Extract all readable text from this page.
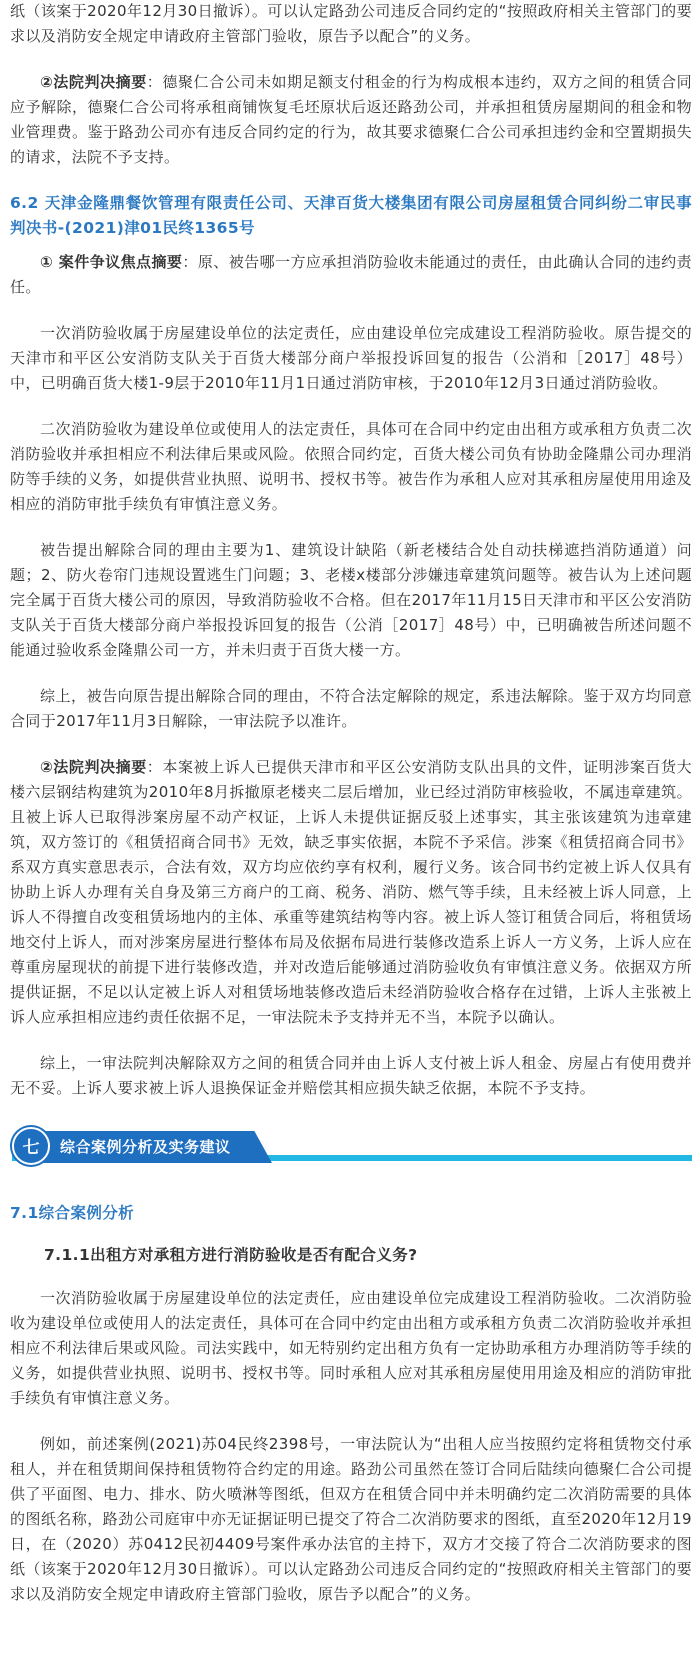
纸（该案于2020年12月30日撤诉）。可以认定路劲公司违反合同约定的“按照政府相关主管部门的要求以及消防安全规定申请政府主管部门验收，原告予以配合”的义务。

②法院判决摘要：德聚仁合公司未如期足额支付租金的行为构成根本违约，双方之间的租赁合同应予解除，德聚仁合公司将承租商铺恢复毛坯原状后返还路劲公司，并承担租赁房屋期间的租金和物业管理费。鉴于路劲公司亦有违反合同约定的行为，故其要求德聚仁合公司承担违约金和空置期损失的请求，法院不予支持。

6.2 天津金隆鼎餐饮管理有限责任公司、天津百货大楼集团有限公司房屋租赁合同纠纷二审民事判决书-(2021)津01民终1365号

① 案件争议焦点摘要：原、被告哪一方应承担消防验收未能通过的责任，由此确认合同的违约责任。

一次消防验收属于房屋建设单位的法定责任，应由建设单位完成建设工程消防验收。原告提交的天津市和平区公安消防支队关于百货大楼部分商户举报投诉回复的报告（公消和［2017］48号）中，已明确百货大楼1-9层于2010年11月1日通过消防审核，于2010年12月3日通过消防验收。

二次消防验收为建设单位或使用人的法定责任，具体可在合同中约定由出租方或承租方负责二次消防验收并承担相应不利法律后果或风险。依照合同约定，百货大楼公司负有协助金隆鼎公司办理消防等手续的义务，如提供营业执照、说明书、授权书等。被告作为承租人应对其承租房屋使用用途及相应的消防审批手续负有审慎注意义务。

被告提出解除合同的理由主要为1、建筑设计缺陷（新老楼结合处自动扶梯遮挡消防通道）问题；2、防火卷帘门违规设置逃生门问题；3、老楼x楼部分涉嫌违章建筑问题等。被告认为上述问题完全属于百货大楼公司的原因，导致消防验收不合格。但在2017年11月15日天津市和平区公安消防支队关于百货大楼部分商户举报投诉回复的报告（公消［2017］48号）中，已明确被告所述问题不能通过验收系金隆鼎公司一方，并未归责于百货大楼一方。

综上，被告向原告提出解除合同的理由，不符合法定解除的规定，系违法解除。鉴于双方均同意合同于2017年11月3日解除，一审法院予以准许。

②法院判决摘要：本案被上诉人已提供天津市和平区公安消防支队出具的文件，证明涉案百货大楼六层钢结构建筑为2010年8月拆撤原老楼夹二层后增加，业已经过消防审核验收，不属违章建筑。且被上诉人已取得涉案房屋不动产权证，上诉人未提供证据反驳上述事实，其主张该建筑为违章建筑，双方签订的《租赁招商合同书》无效，缺乏事实依据，本院不予采信。涉案《租赁招商合同书》系双方真实意思表示，合法有效，双方均应依约享有权利，履行义务。该合同书约定被上诉人仅具有协助上诉人办理有关自身及第三方商户的工商、税务、消防、燃气等手续，且未经被上诉人同意，上诉人不得擅自改变租赁场地内的主体、承重等建筑结构等内容。被上诉人签订租赁合同后，将租赁场地交付上诉人，而对涉案房屋进行整体布局及依据布局进行装修改造系上诉人一方义务，上诉人应在尊重房屋现状的前提下进行装修改造，并对改造后能够通过消防验收负有审慎注意义务。依据双方所提供证据，不足以认定被上诉人对租赁场地装修改造后未经消防验收合格存在过错，上诉人主张被上诉人应承担相应违约责任依据不足，一审法院未予支持并无不当，本院予以确认。

综上，一审法院判决解除双方之间的租赁合同并由上诉人支付被上诉人租金、房屋占有使用费并无不妥。上诉人要求被上诉人退换保证金并赔偿其相应损失缺乏依据，本院不予支持。

七	综合案例分析及实务建议

7.1综合案例分析

7.1.1出租方对承租方进行消防验收是否有配合义务?

一次消防验收属于房屋建设单位的法定责任，应由建设单位完成建设工程消防验收。二次消防验收为建设单位或使用人的法定责任，具体可在合同中约定由出租方或承租方负责二次消防验收并承担相应不利法律后果或风险。司法实践中，如无特别约定出租方负有一定协助承租方办理消防等手续的义务，如提供营业执照、说明书、授权书等。同时承租人应对其承租房屋使用用途及相应的消防审批手续负有审慎注意义务。

例如，前述案例(2021)苏04民终2398号，一审法院认为“出租人应当按照约定将租赁物交付承租人，并在租赁期间保持租赁物符合约定的用途。路劲公司虽然在签订合同后陆续向德聚仁合公司提供了平面图、电力、排水、防火喷淋等图纸，但双方在租赁合同中并未明确约定二次消防需要的具体的图纸名称，路劲公司庭审中亦无证据证明已提交了符合二次消防要求的图纸，直至2020年12月19日，在（2020）苏0412民初4409号案件承办法官的主持下，双方才交接了符合二次消防要求的图纸（该案于2020年12月30日撤诉）。可以认定路劲公司违反合同约定的“按照政府相关主管部门的要求以及消防安全规定申请政府主管部门验收，原告予以配合”的义务。
